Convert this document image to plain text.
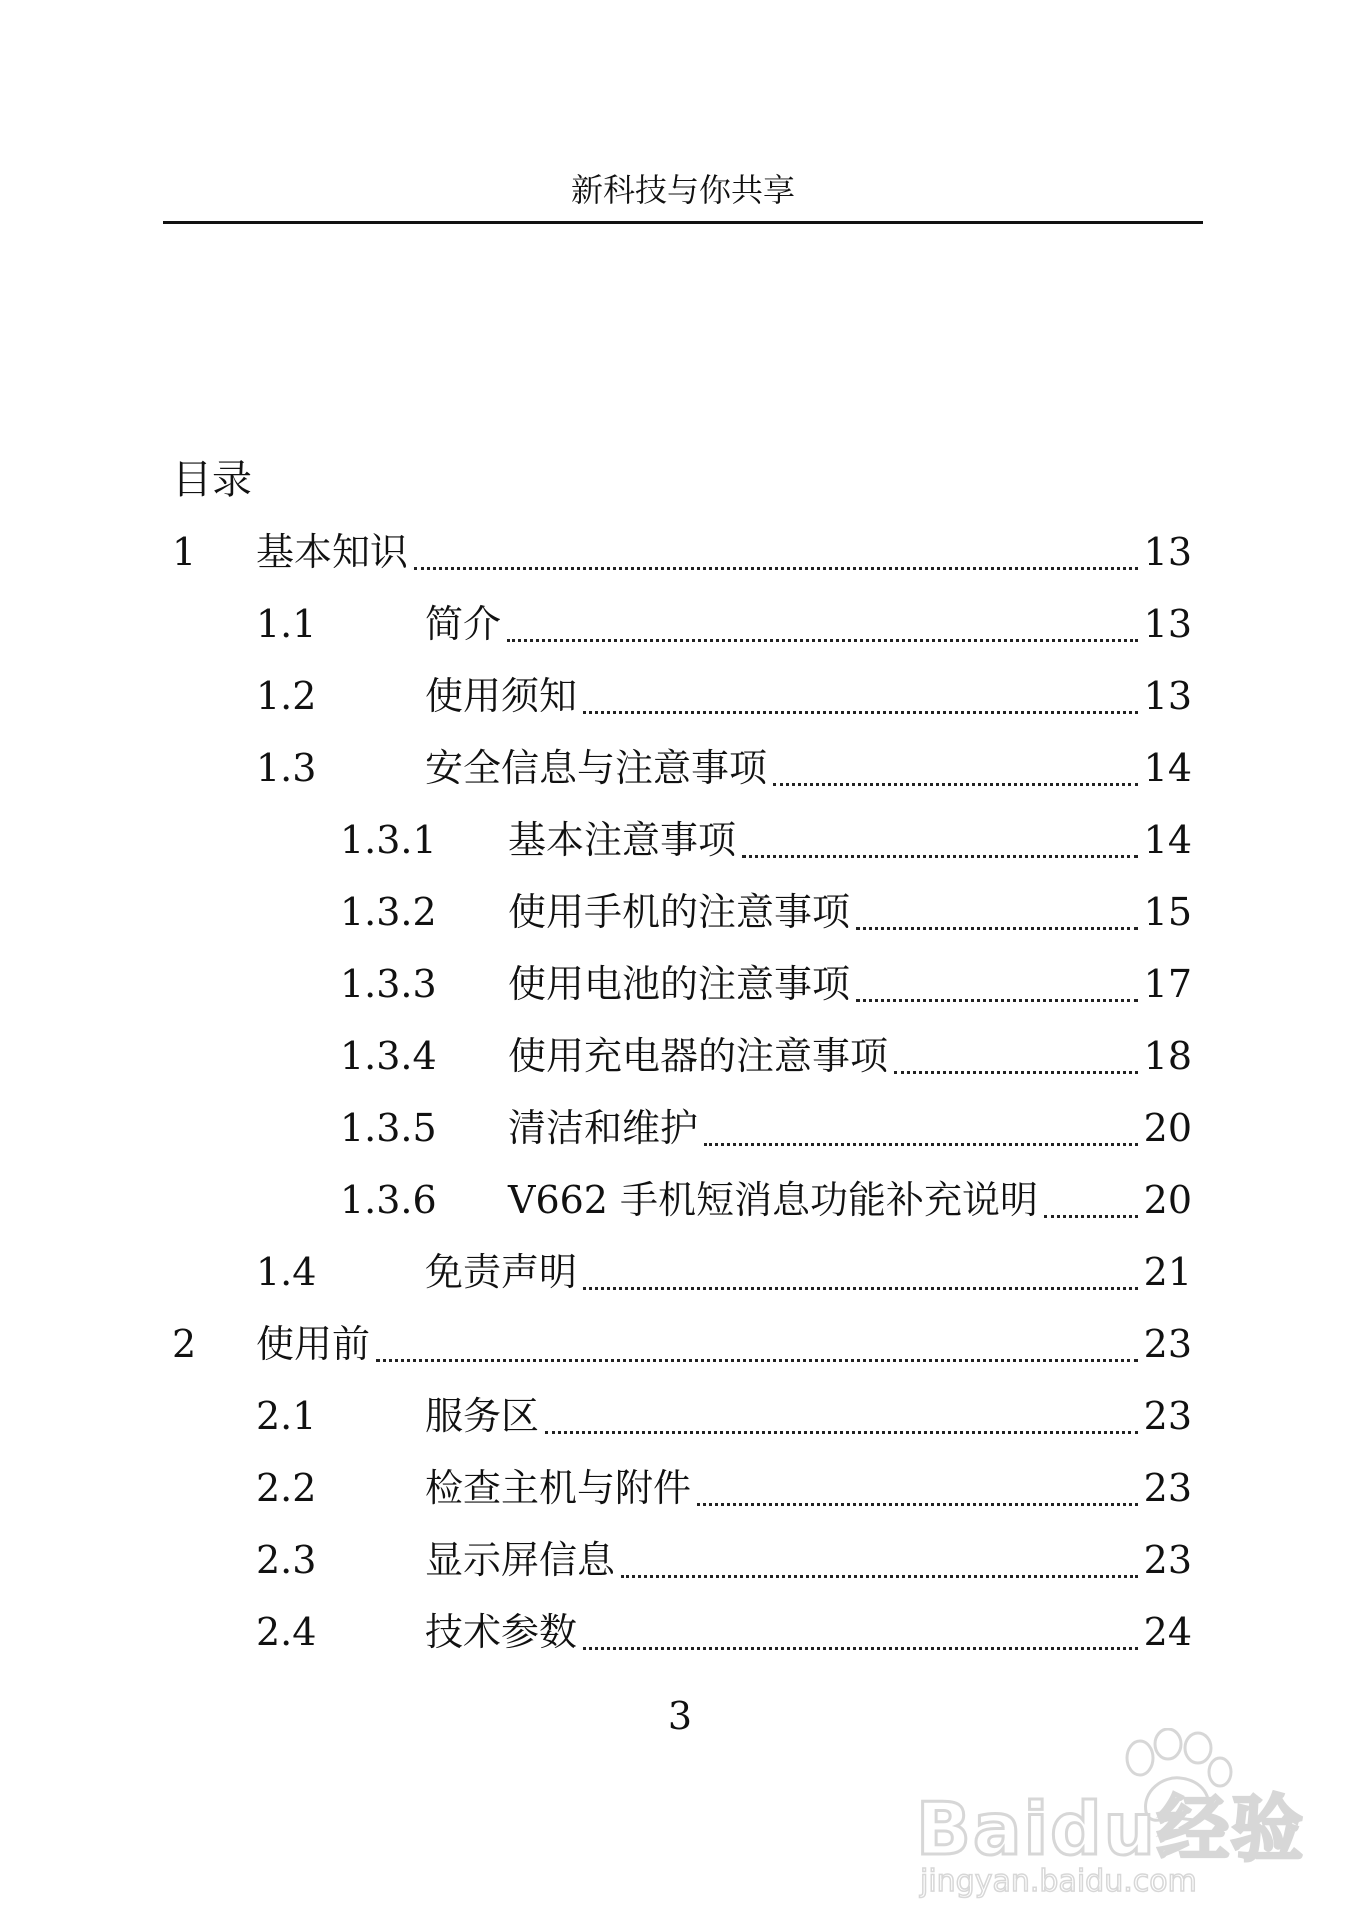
新科技与你共享
目录
1 基本知识	13
1.1	简介	13
1.2	使用须知	13
1.3	安全信息与注意事项	14
1.3.1 基本注意事项	14
1.3.2 使用手机的注意事项	15
1.3.3 使用电池的注意事项	17
1.3.4 使用充电器的注意事项	18
1.3.5 清洁和维护	20
1.3.6 V662 手机短消息功能补充说明	20
1.4	免责声明	21
2 使用前	23
2.1	服务区	23
2.2	检查主机与附件	23
2.3	显示屏信息	23
2.4	技术参数	24
3
Baidu经验
jingyan.baidu.com
